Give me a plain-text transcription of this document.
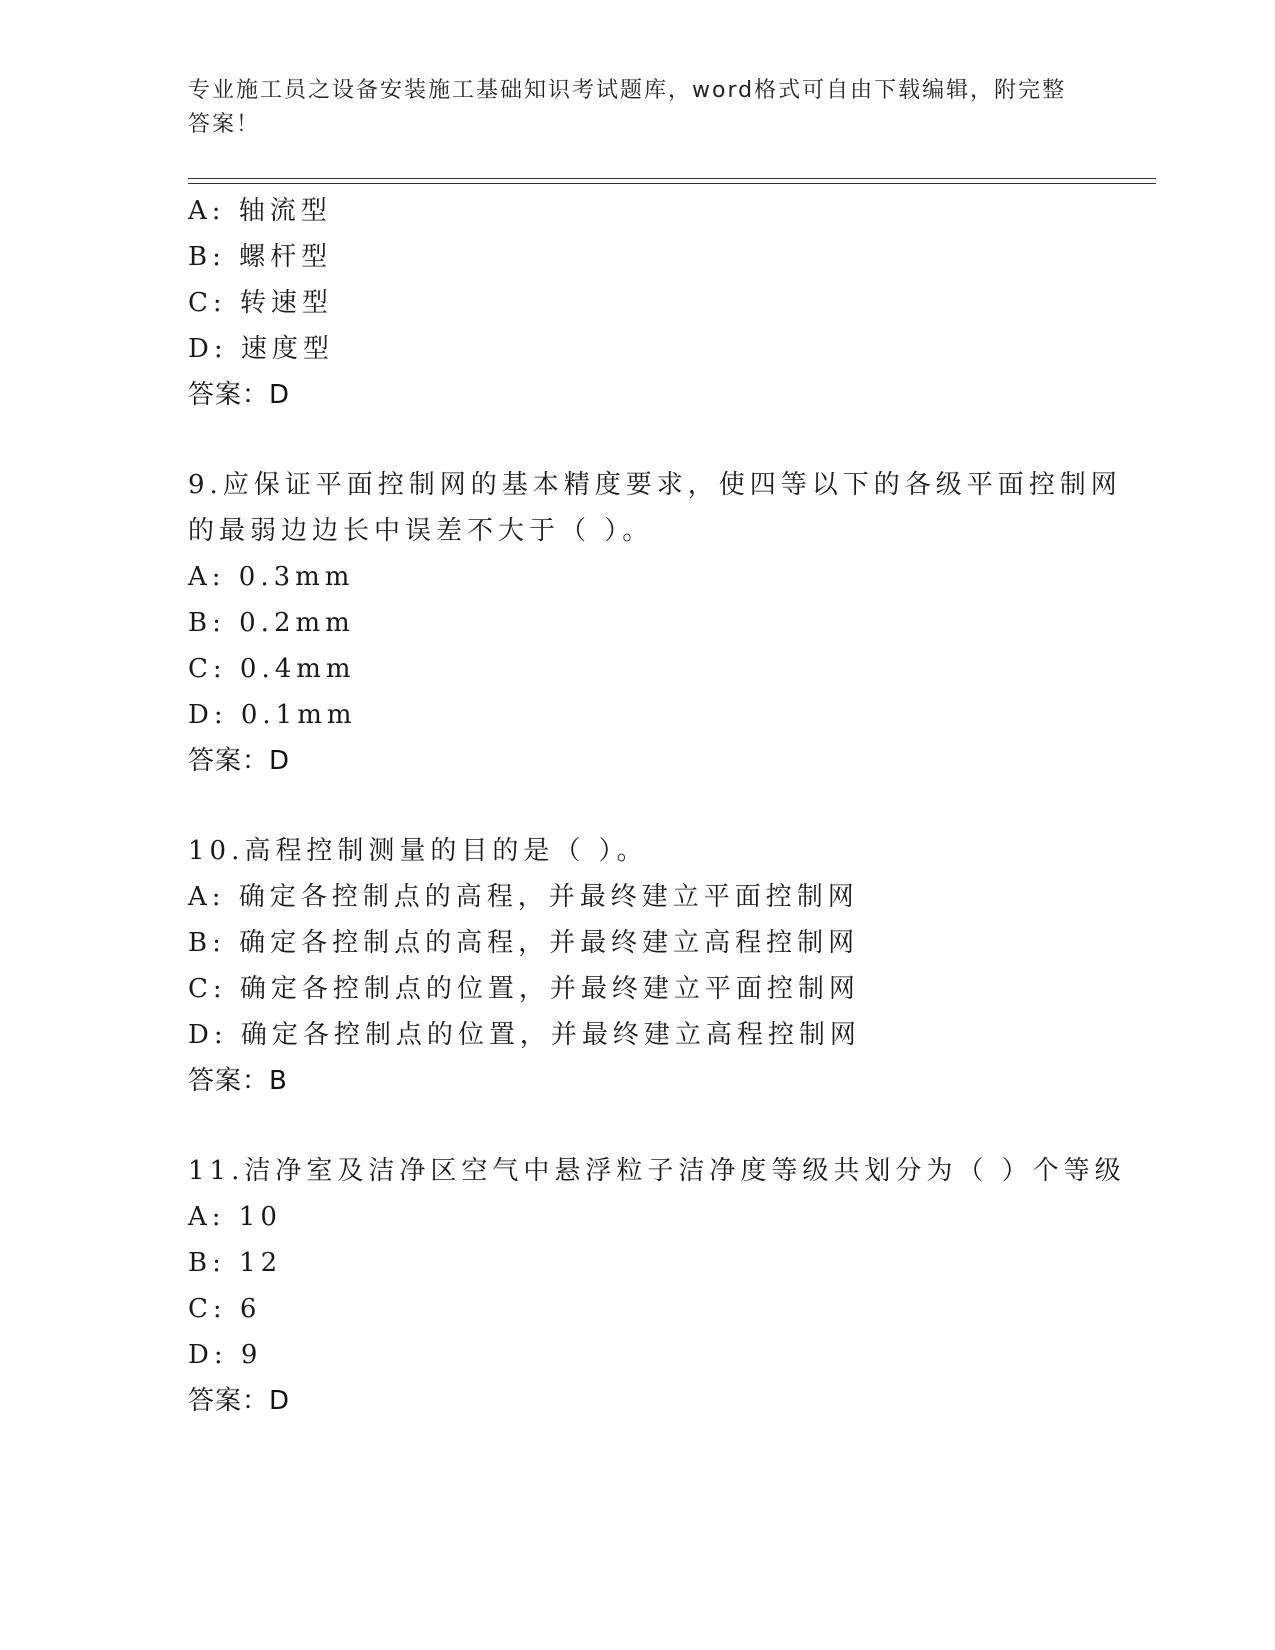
专业施工员之设备安装施工基础知识考试题库，word格式可自由下载编辑，附完整答案！
A: 轴流型
B: 螺杆型
C: 转速型
D: 速度型
答案：D
9.应保证平面控制网的基本精度要求，使四等以下的各级平面控制网
的最弱边边长中误差不大于（ ）。
A: 0.3mm
B: 0.2mm
C: 0.4mm
D: 0.1mm
答案：D
10.高程控制测量的目的是（ ）。
A: 确定各控制点的高程，并最终建立平面控制网
B: 确定各控制点的高程，并最终建立高程控制网
C: 确定各控制点的位置，并最终建立平面控制网
D: 确定各控制点的位置，并最终建立高程控制网
答案：B
11.洁净室及洁净区空气中悬浮粒子洁净度等级共划分为（ ）个等级
A: 10
B: 12
C: 6
D: 9
答案：D
